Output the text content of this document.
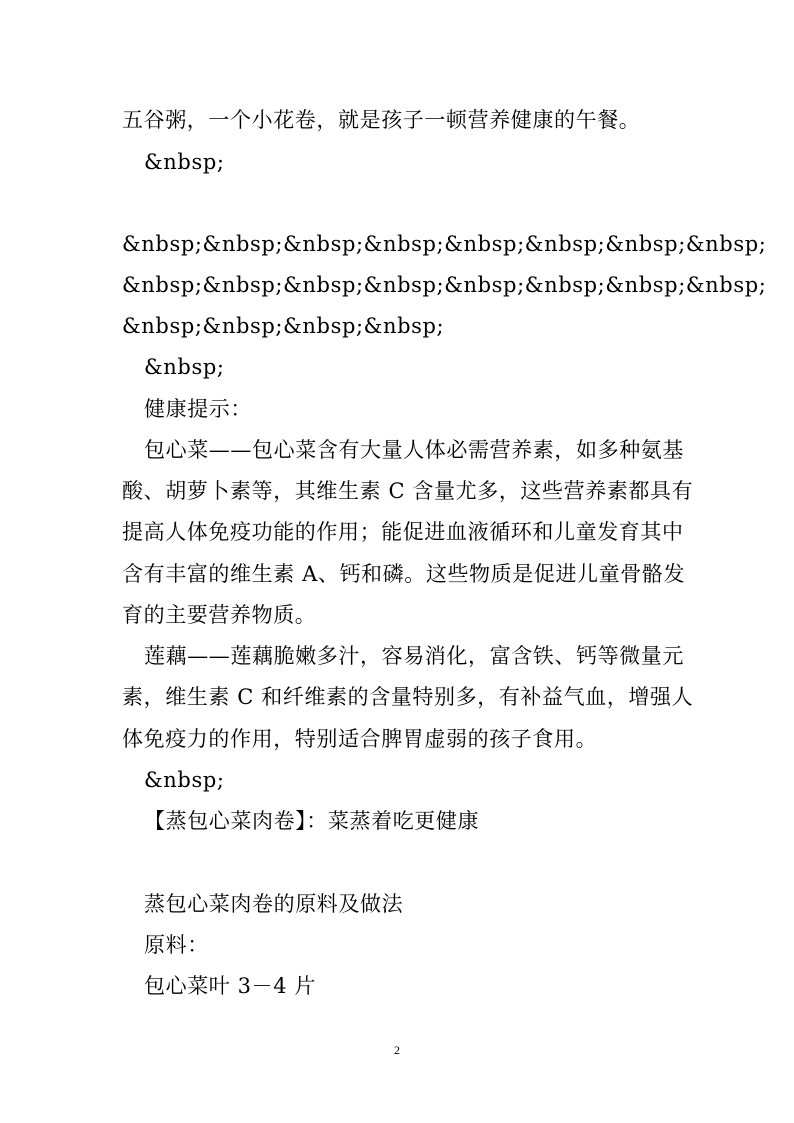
五谷粥，一个小花卷，就是孩子一顿营养健康的午餐。
&nbsp;
&nbsp;&nbsp;&nbsp;&nbsp;&nbsp;&nbsp;&nbsp;&nbsp;
&nbsp;&nbsp;&nbsp;&nbsp;&nbsp;&nbsp;&nbsp;&nbsp;
&nbsp;&nbsp;&nbsp;&nbsp;
&nbsp;
健康提示：
包心菜——包心菜含有大量人体必需营养素，如多种氨基
酸、胡萝卜素等，其维生素 C 含量尤多，这些营养素都具有
提高人体免疫功能的作用；能促进血液循环和儿童发育其中
含有丰富的维生素 A、钙和磷。这些物质是促进儿童骨骼发
育的主要营养物质。
莲藕——莲藕脆嫩多汁，容易消化，富含铁、钙等微量元
素，维生素 C 和纤维素的含量特别多，有补益气血，增强人
体免疫力的作用，特别适合脾胃虚弱的孩子食用。
&nbsp;
【蒸包心菜肉卷】：菜蒸着吃更健康
蒸包心菜肉卷的原料及做法
原料：
包心菜叶 3－4 片
2
